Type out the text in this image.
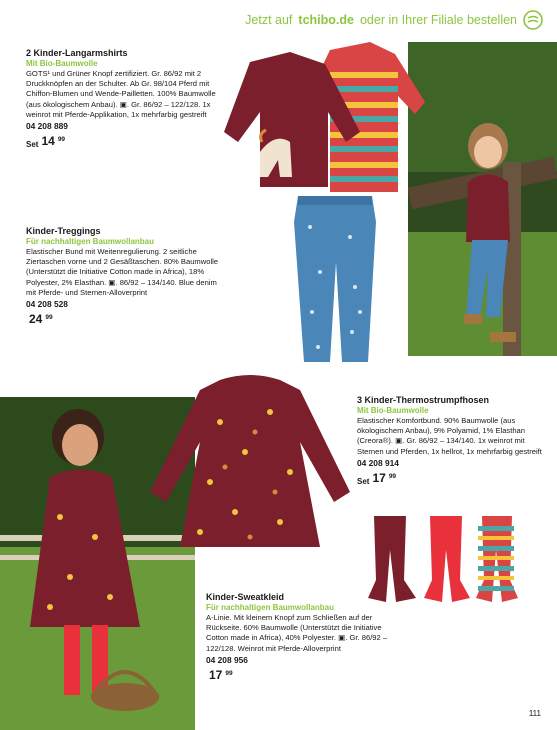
Jetzt auf tchibo.de oder in Ihrer Filiale bestellen
2 Kinder-Langarmshirts
Mit Bio-Baumwolle
GOTS¹ und Grüner Knopf zertifiziert. Gr. 86/92 mit 2 Druckknöpfen an der Schulter. Ab Gr. 98/104 Pferd mit Chiffon-Blumen und Wende-Pailletten. 100% Baumwolle (aus ökologischem Anbau). ▣. Gr. 86/92 – 122/128. 1x weinrot mit Pferde-Applikation, 1x mehrfarbig gestreift
04 208 889
Set 14 99
Kinder-Treggings
Für nachhaltigen Baumwollanbau
Elastischer Bund mit Weitenregulierung. 2 seitliche Ziertaschen vorne und 2 Gesäßtaschen. 80% Baumwolle (Unterstützt die Initiative Cotton made in Africa), 18% Polyester, 2% Elasthan. ▣. 86/92 – 134/140. Blue denim mit Pferde- und Sternen-Alloverprint
04 208 528
24 99
3 Kinder-Thermostrumpfhosen
Mit Bio-Baumwolle
Elastischer Komfortbund. 90% Baumwolle (aus ökologischem Anbau), 9% Polyamid, 1% Elasthan (Creora®). ▣. Gr. 86/92 – 134/140. 1x weinrot mit Sternen und Pferden, 1x hellrot, 1x mehrfarbig gestreift
04 208 914
Set 17 99
Kinder-Sweatkleid
Für nachhaltigen Baumwollanbau
A-Linie. Mit kleinem Knopf zum Schließen auf der Rückseite. 60% Baumwolle (Unterstützt die Initiative Cotton made in Africa), 40% Polyester. ▣. Gr. 86/92 – 122/128. Weinrot mit Pferde-Alloverprint
04 208 956
17 99
111
